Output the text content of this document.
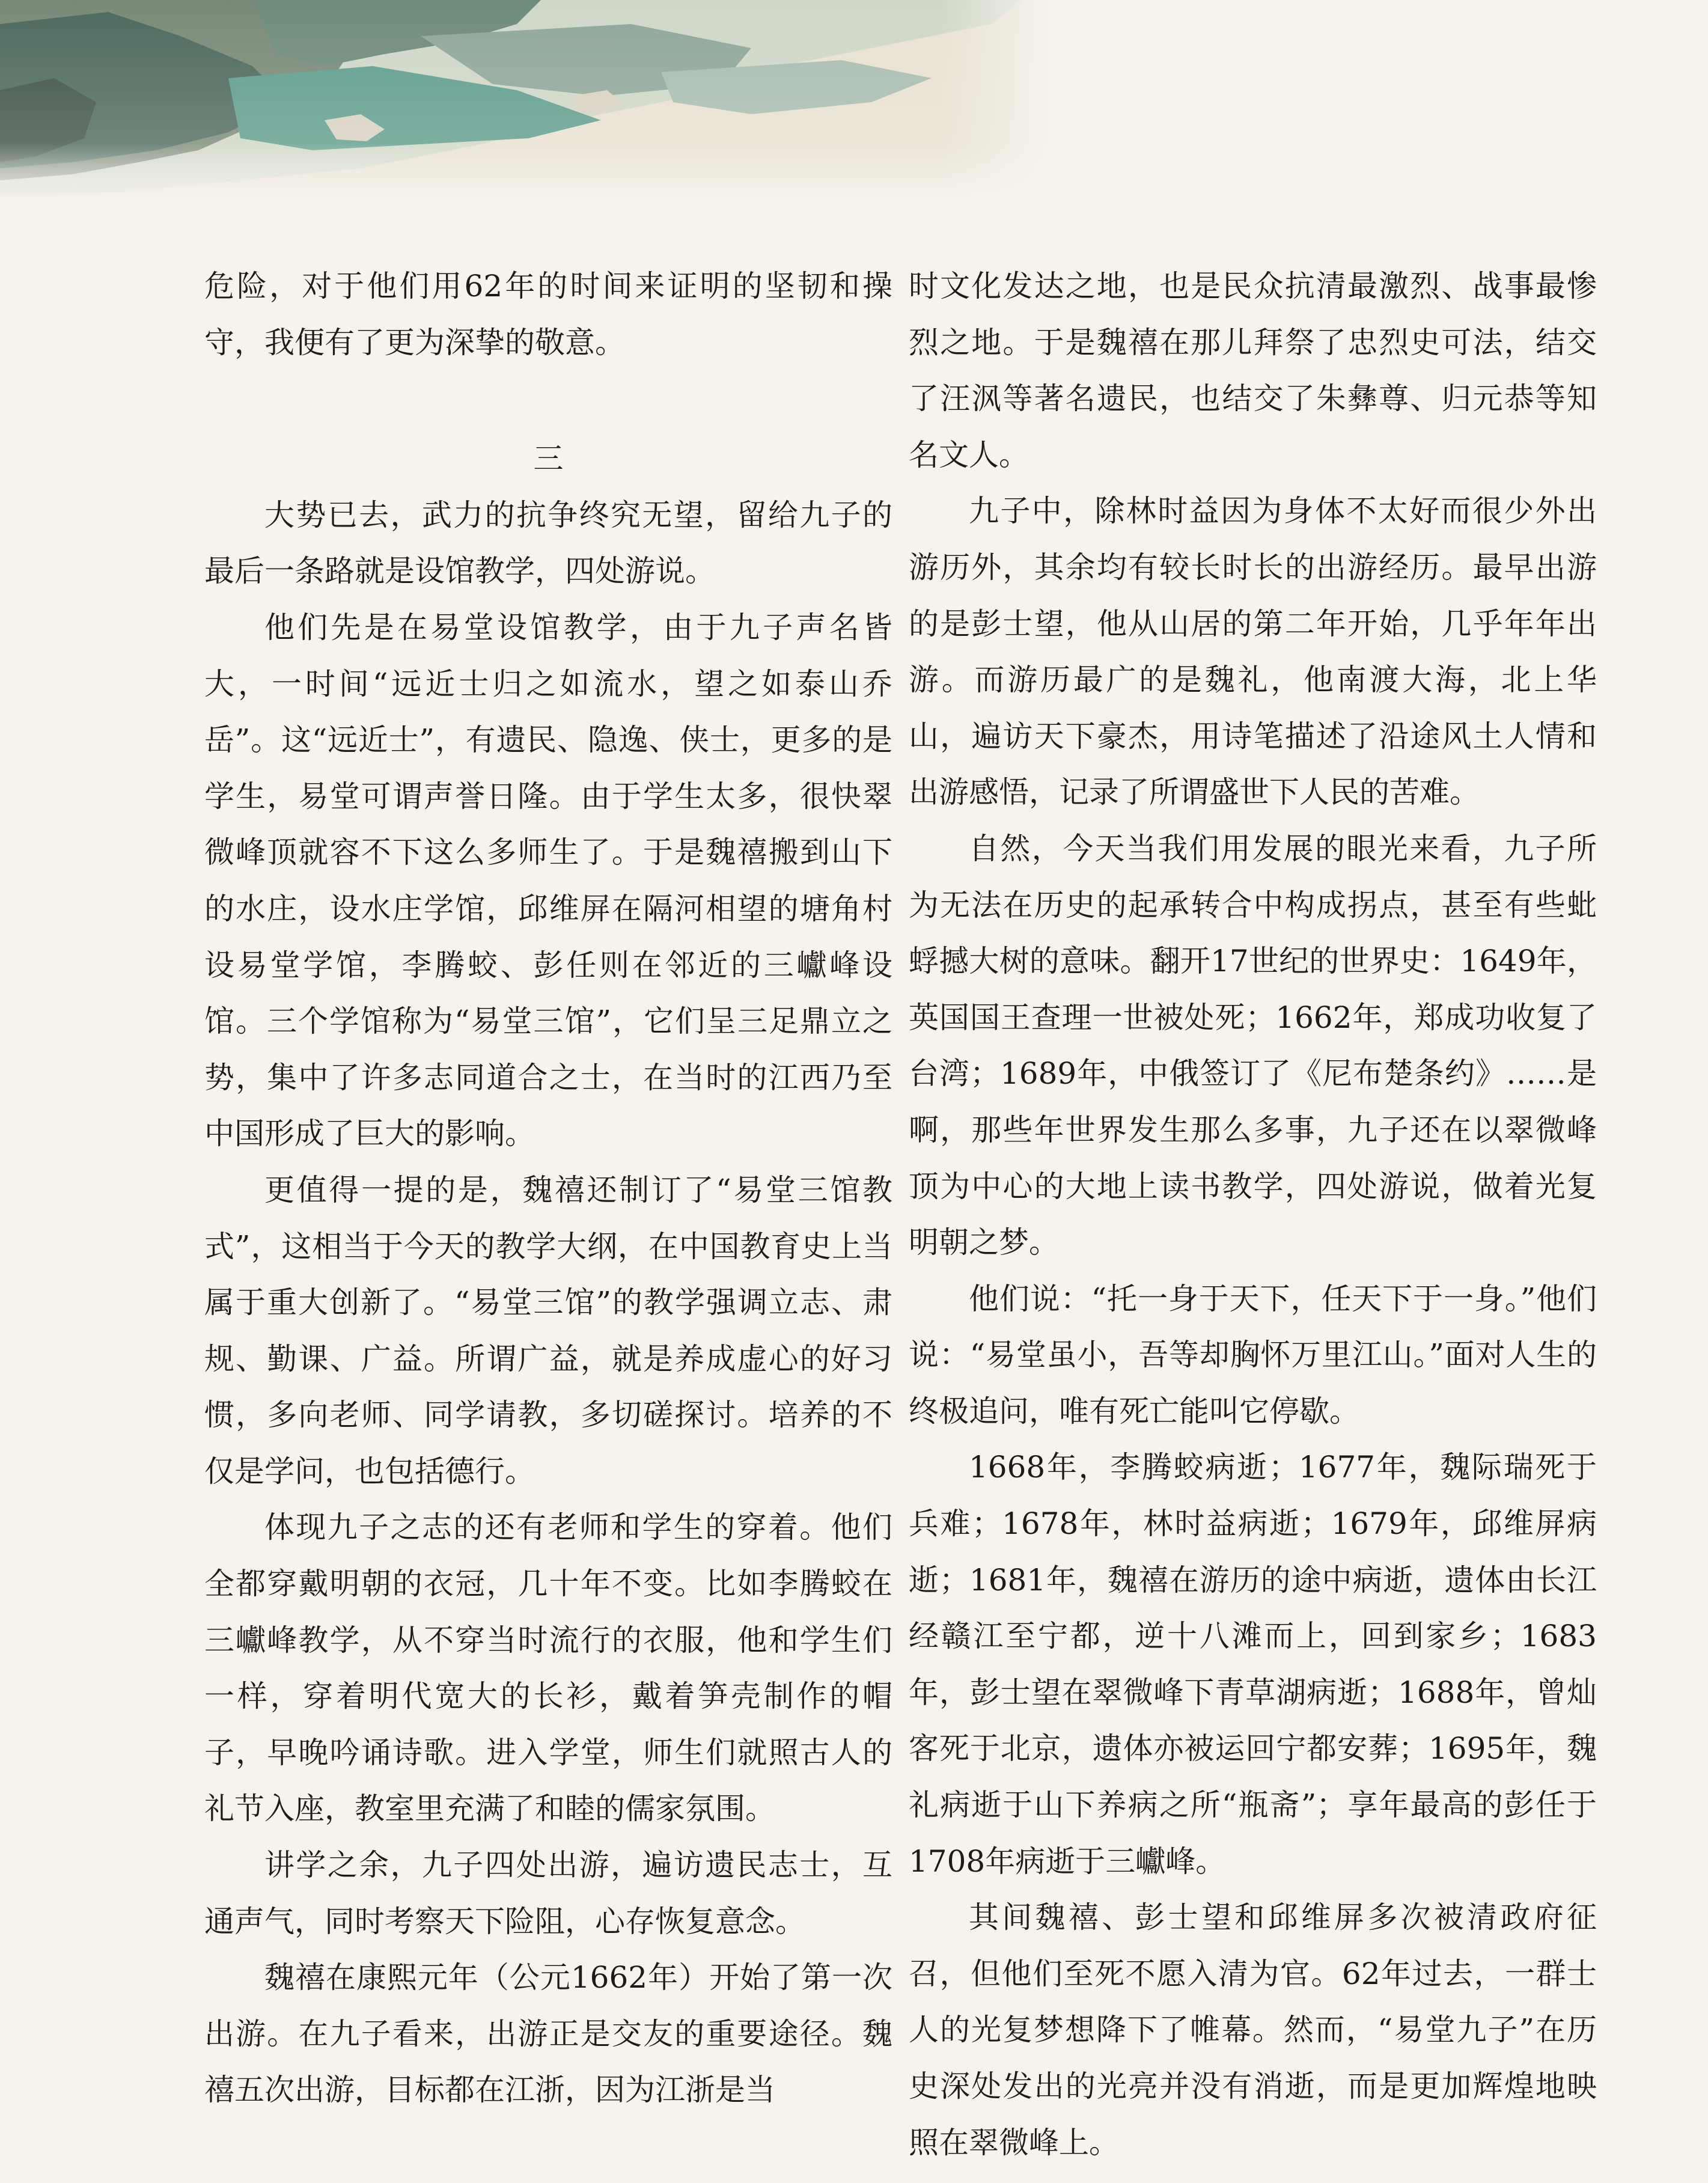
危险，对于他们用62年的时间来证明的坚韧和操守，我便有了更为深挚的敬意。

三

大势已去，武力的抗争终究无望，留给九子的最后一条路就是设馆教学，四处游说。

他们先是在易堂设馆教学，由于九子声名皆大，一时间“远近士归之如流水，望之如泰山乔岳”。这“远近士”，有遗民、隐逸、侠士，更多的是学生，易堂可谓声誉日隆。由于学生太多，很快翠微峰顶就容不下这么多师生了。于是魏禧搬到山下的水庄，设水庄学馆，邱维屏在隔河相望的塘角村设易堂学馆，李腾蛟、彭任则在邻近的三巘峰设馆。三个学馆称为“易堂三馆”，它们呈三足鼎立之势，集中了许多志同道合之士，在当时的江西乃至中国形成了巨大的影响。

更值得一提的是，魏禧还制订了“易堂三馆教式”，这相当于今天的教学大纲，在中国教育史上当属于重大创新了。“易堂三馆”的教学强调立志、肃规、勤课、广益。所谓广益，就是养成虚心的好习惯，多向老师、同学请教，多切磋探讨。培养的不仅是学问，也包括德行。

体现九子之志的还有老师和学生的穿着。他们全都穿戴明朝的衣冠，几十年不变。比如李腾蛟在三巘峰教学，从不穿当时流行的衣服，他和学生们一样，穿着明代宽大的长衫，戴着笋壳制作的帽子，早晚吟诵诗歌。进入学堂，师生们就照古人的礼节入座，教室里充满了和睦的儒家氛围。

讲学之余，九子四处出游，遍访遗民志士，互通声气，同时考察天下险阻，心存恢复意念。

魏禧在康熙元年（公元1662年）开始了第一次出游。在九子看来，出游正是交友的重要途径。魏禧五次出游，目标都在江浙，因为江浙是当

时文化发达之地，也是民众抗清最激烈、战事最惨烈之地。于是魏禧在那儿拜祭了忠烈史可法，结交了汪沨等著名遗民，也结交了朱彝尊、归元恭等知名文人。

九子中，除林时益因为身体不太好而很少外出游历外，其余均有较长时长的出游经历。最早出游的是彭士望，他从山居的第二年开始，几乎年年出游。而游历最广的是魏礼，他南渡大海，北上华山，遍访天下豪杰，用诗笔描述了沿途风土人情和出游感悟，记录了所谓盛世下人民的苦难。

自然，今天当我们用发展的眼光来看，九子所为无法在历史的起承转合中构成拐点，甚至有些蚍蜉撼大树的意味。翻开17世纪的世界史：1649年，英国国王查理一世被处死；1662年，郑成功收复了台湾；1689年，中俄签订了《尼布楚条约》……是啊，那些年世界发生那么多事，九子还在以翠微峰顶为中心的大地上读书教学，四处游说，做着光复明朝之梦。

他们说：“托一身于天下，任天下于一身。”他们说：“易堂虽小，吾等却胸怀万里江山。”面对人生的终极追问，唯有死亡能叫它停歇。

1668年，李腾蛟病逝；1677年，魏际瑞死于兵难；1678年，林时益病逝；1679年，邱维屏病逝；1681年，魏禧在游历的途中病逝，遗体由长江经赣江至宁都，逆十八滩而上，回到家乡；1683年，彭士望在翠微峰下青草湖病逝；1688年，曾灿客死于北京，遗体亦被运回宁都安葬；1695年，魏礼病逝于山下养病之所“瓶斋”；享年最高的彭任于1708年病逝于三巘峰。

其间魏禧、彭士望和邱维屏多次被清政府征召，但他们至死不愿入清为官。62年过去，一群士人的光复梦想降下了帷幕。然而，“易堂九子”在历史深处发出的光亮并没有消逝，而是更加辉煌地映照在翠微峰上。
